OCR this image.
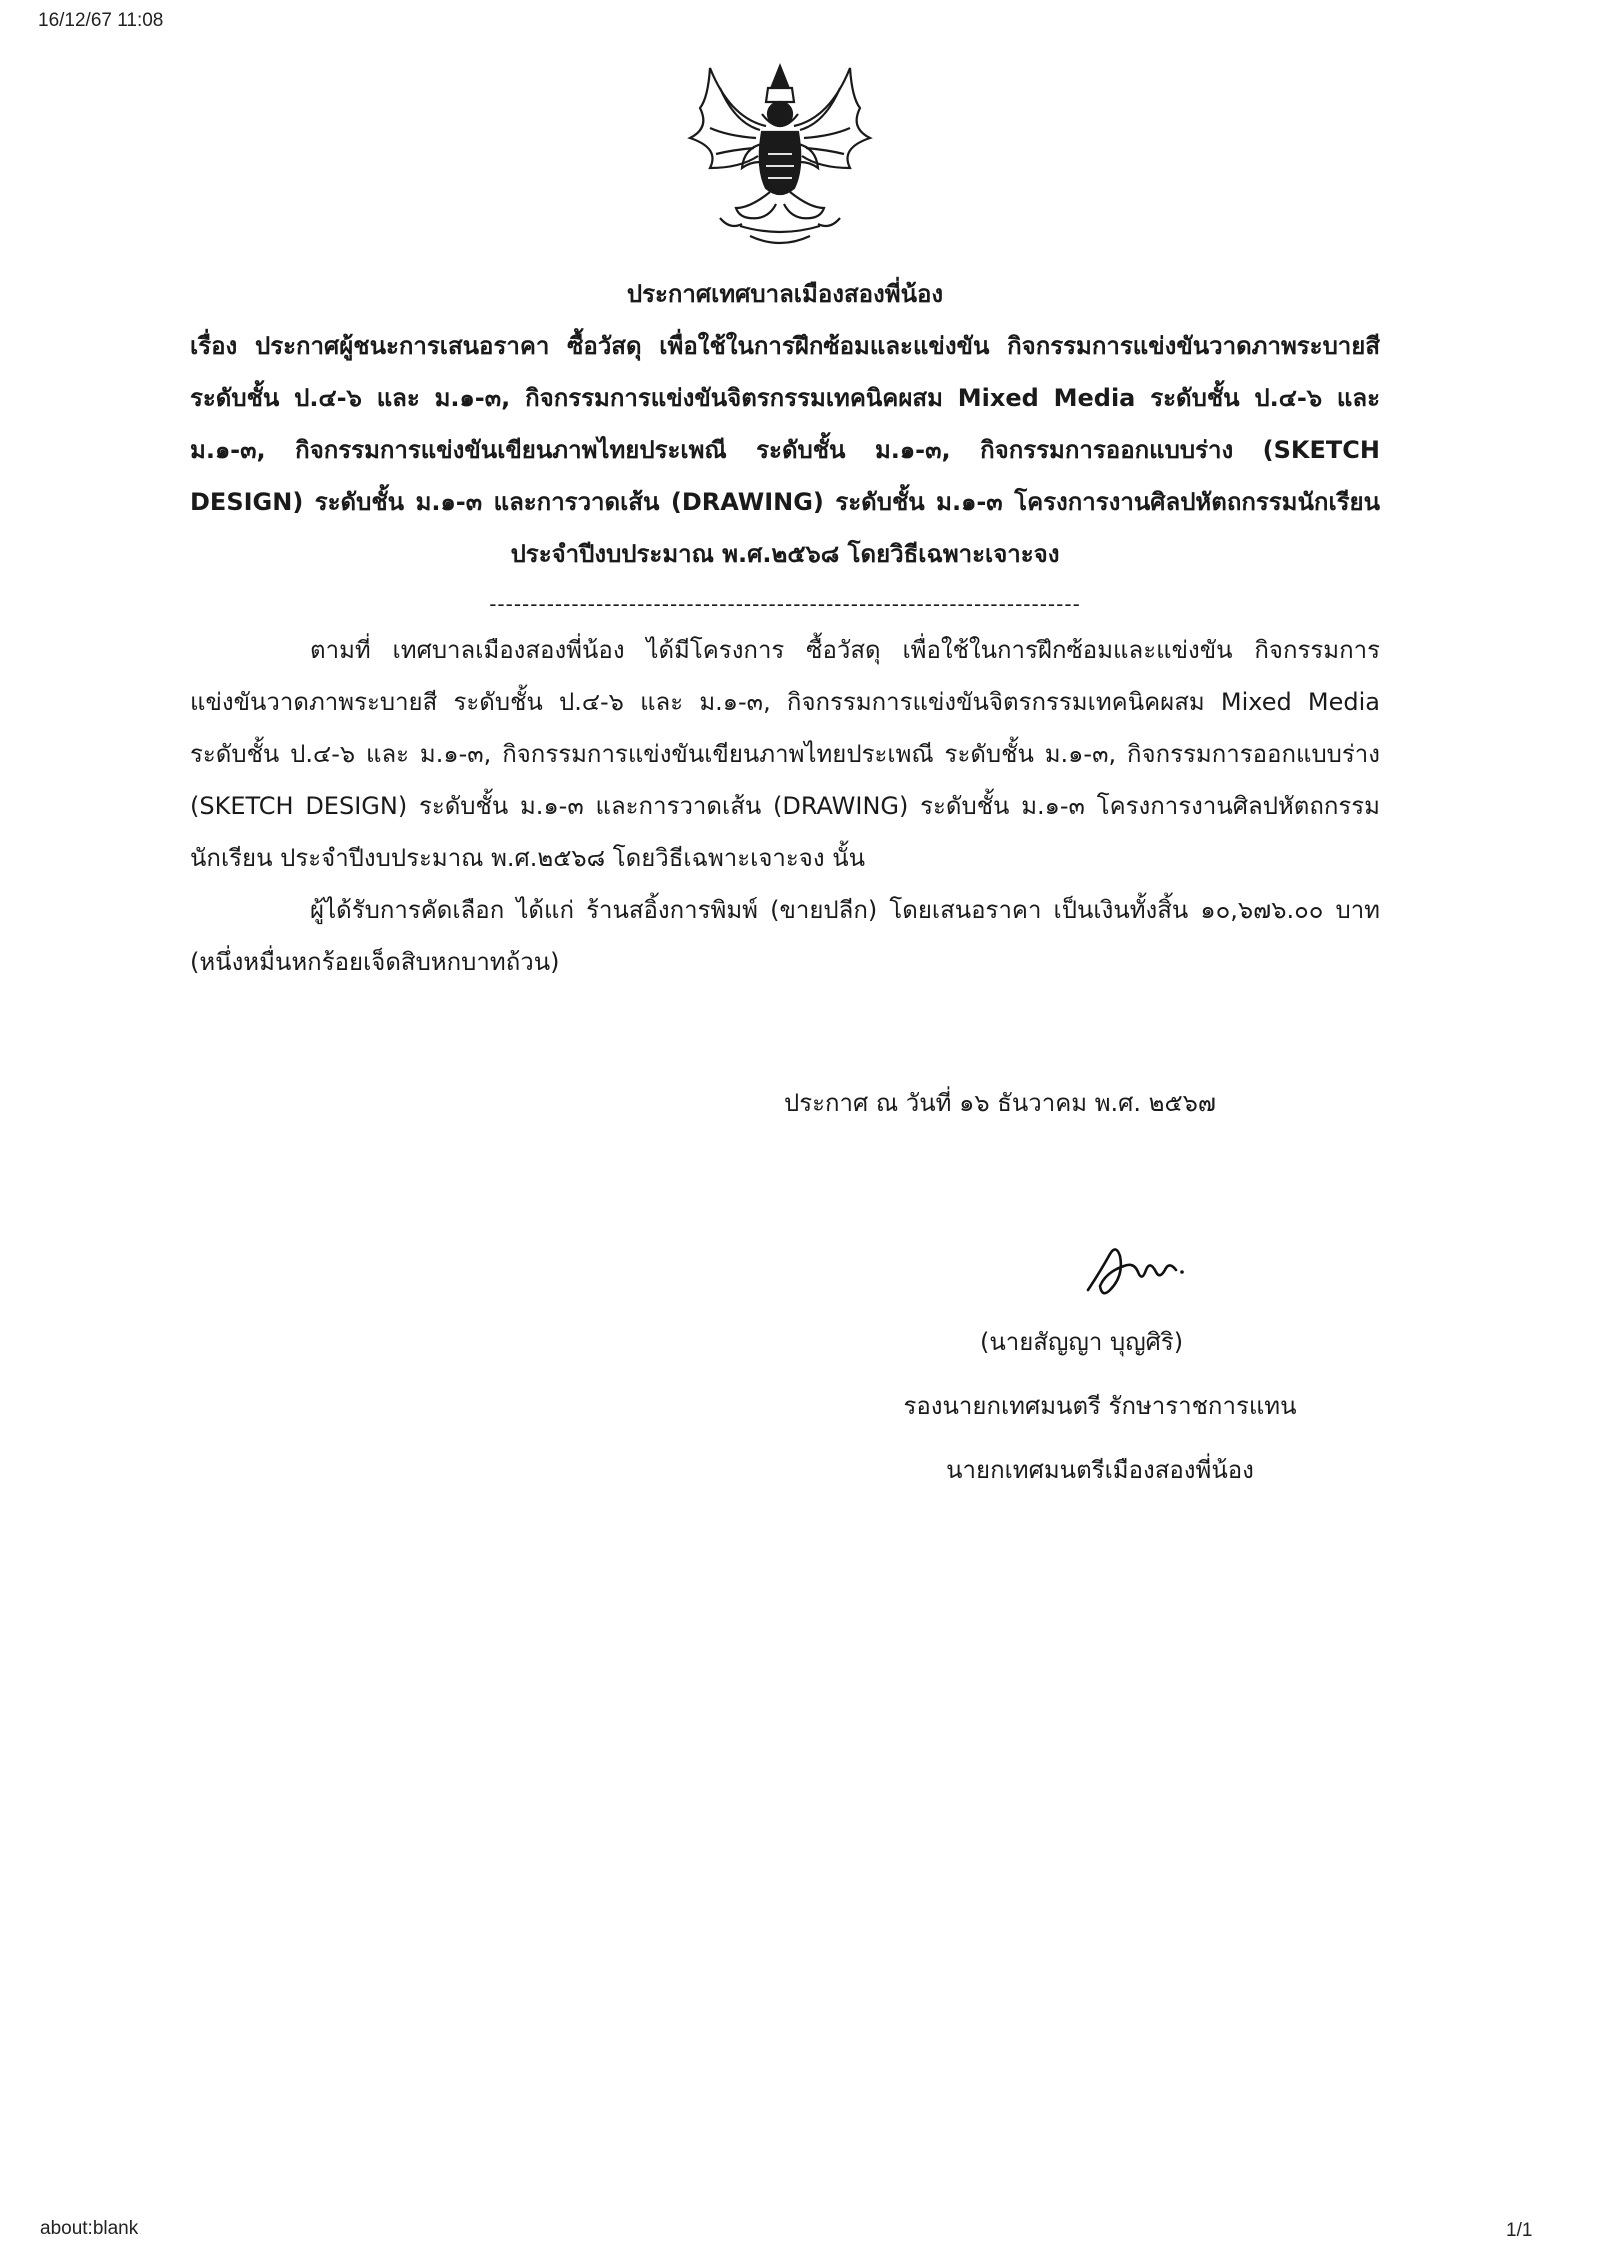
16/12/67 11:08
ประกาศเทศบาลเมืองสองพี่น้อง
เรื่อง ประกาศผู้ชนะการเสนอราคา ซื้อวัสดุ เพื่อใช้ในการฝึกซ้อมและแข่งขัน กิจกรรมการแข่งขันวาดภาพระบายสี ระดับชั้น ป.๔-๖ และ ม.๑-๓, กิจกรรมการแข่งขันจิตรกรรมเทคนิคผสม Mixed Media ระดับชั้น ป.๔-๖ และ ม.๑-๓, กิจกรรมการแข่งขันเขียนภาพไทยประเพณี ระดับชั้น ม.๑-๓, กิจกรรมการออกแบบร่าง (SKETCH DESIGN) ระดับชั้น ม.๑-๓ และการวาดเส้น (DRAWING) ระดับชั้น ม.๑-๓ โครงการงานศิลปหัตถกรรมนักเรียน ประจำปีงบประมาณ พ.ศ.๒๕๖๘ โดยวิธีเฉพาะเจาะจง
------------------------------------------------------------------------

ตามที่ เทศบาลเมืองสองพี่น้อง ได้มีโครงการ ซื้อวัสดุ เพื่อใช้ในการฝึกซ้อมและแข่งขัน กิจกรรมการแข่งขันวาดภาพระบายสี ระดับชั้น ป.๔-๖ และ ม.๑-๓, กิจกรรมการแข่งขันจิตรกรรมเทคนิคผสม Mixed Media ระดับชั้น ป.๔-๖ และ ม.๑-๓, กิจกรรมการแข่งขันเขียนภาพไทยประเพณี ระดับชั้น ม.๑-๓, กิจกรรมการออกแบบร่าง (SKETCH DESIGN) ระดับชั้น ม.๑-๓ และการวาดเส้น (DRAWING) ระดับชั้น ม.๑-๓ โครงการงานศิลปหัตถกรรมนักเรียน ประจำปีงบประมาณ พ.ศ.๒๕๖๘ โดยวิธีเฉพาะเจาะจง นั้น

ผู้ได้รับการคัดเลือก ได้แก่ ร้านสอิ้งการพิมพ์ (ขายปลีก) โดยเสนอราคา เป็นเงินทั้งสิ้น ๑๐,๖๗๖.๐๐ บาท (หนึ่งหมื่นหกร้อยเจ็ดสิบหกบาทถ้วน)

ประกาศ ณ วันที่ ๑๖ ธันวาคม พ.ศ. ๒๕๖๗
(นายสัญญา บุญศิริ)
รองนายกเทศมนตรี รักษาราชการแทน
นายกเทศมนตรีเมืองสองพี่น้อง
about:blank	1/1
